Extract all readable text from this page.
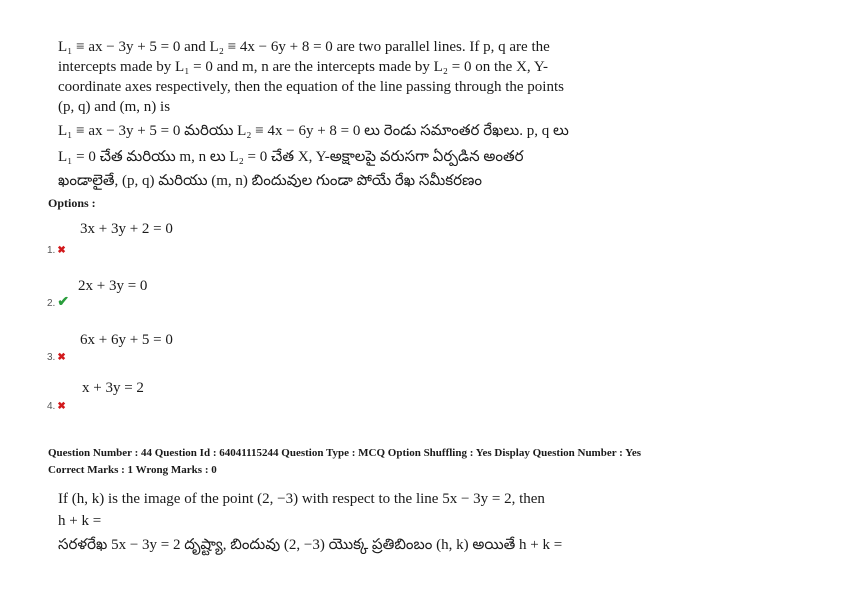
L₁ ≡ ax − 3y + 5 = 0 and L₂ ≡ 4x − 6y + 8 = 0 are two parallel lines. If p, q are the intercepts made by L₁ = 0 and m, n are the intercepts made by L₂ = 0 on the X, Y-coordinate axes respectively, then the equation of the line passing through the points (p, q) and (m, n) is
L₁ ≡ ax − 3y + 5 = 0 మరియు L₂ ≡ 4x − 6y + 8 = 0 లు రెండు సమాంతర రేఖలు. p, q లు
L₁ = 0 చేత మరియు m, n లు L₂ = 0 చేత X, Y-అక్షాలపై వరుసగా ఏర్పడిన అంతర
ఖండాలైతే, (p, q) మరియు (m, n) బిందువుల గుండా పోయే రేఖ సమీకరణం
Options :
3x + 3y + 2 = 0
1. ✖
2x + 3y = 0
2. ✔
6x + 6y + 5 = 0
3. ✖
x + 3y = 2
4. ✖
Question Number : 44 Question Id : 64041115244 Question Type : MCQ Option Shuffling : Yes Display Question Number : Yes
Correct Marks : 1 Wrong Marks : 0
If (h, k) is the image of the point (2, −3) with respect to the line 5x − 3y = 2, then
h + k =
సరళరేఖ 5x − 3y = 2 దృష్ట్యా, బిందువు (2, −3) యొక్క ప్రతిబింబం (h, k) అయితే h + k =
